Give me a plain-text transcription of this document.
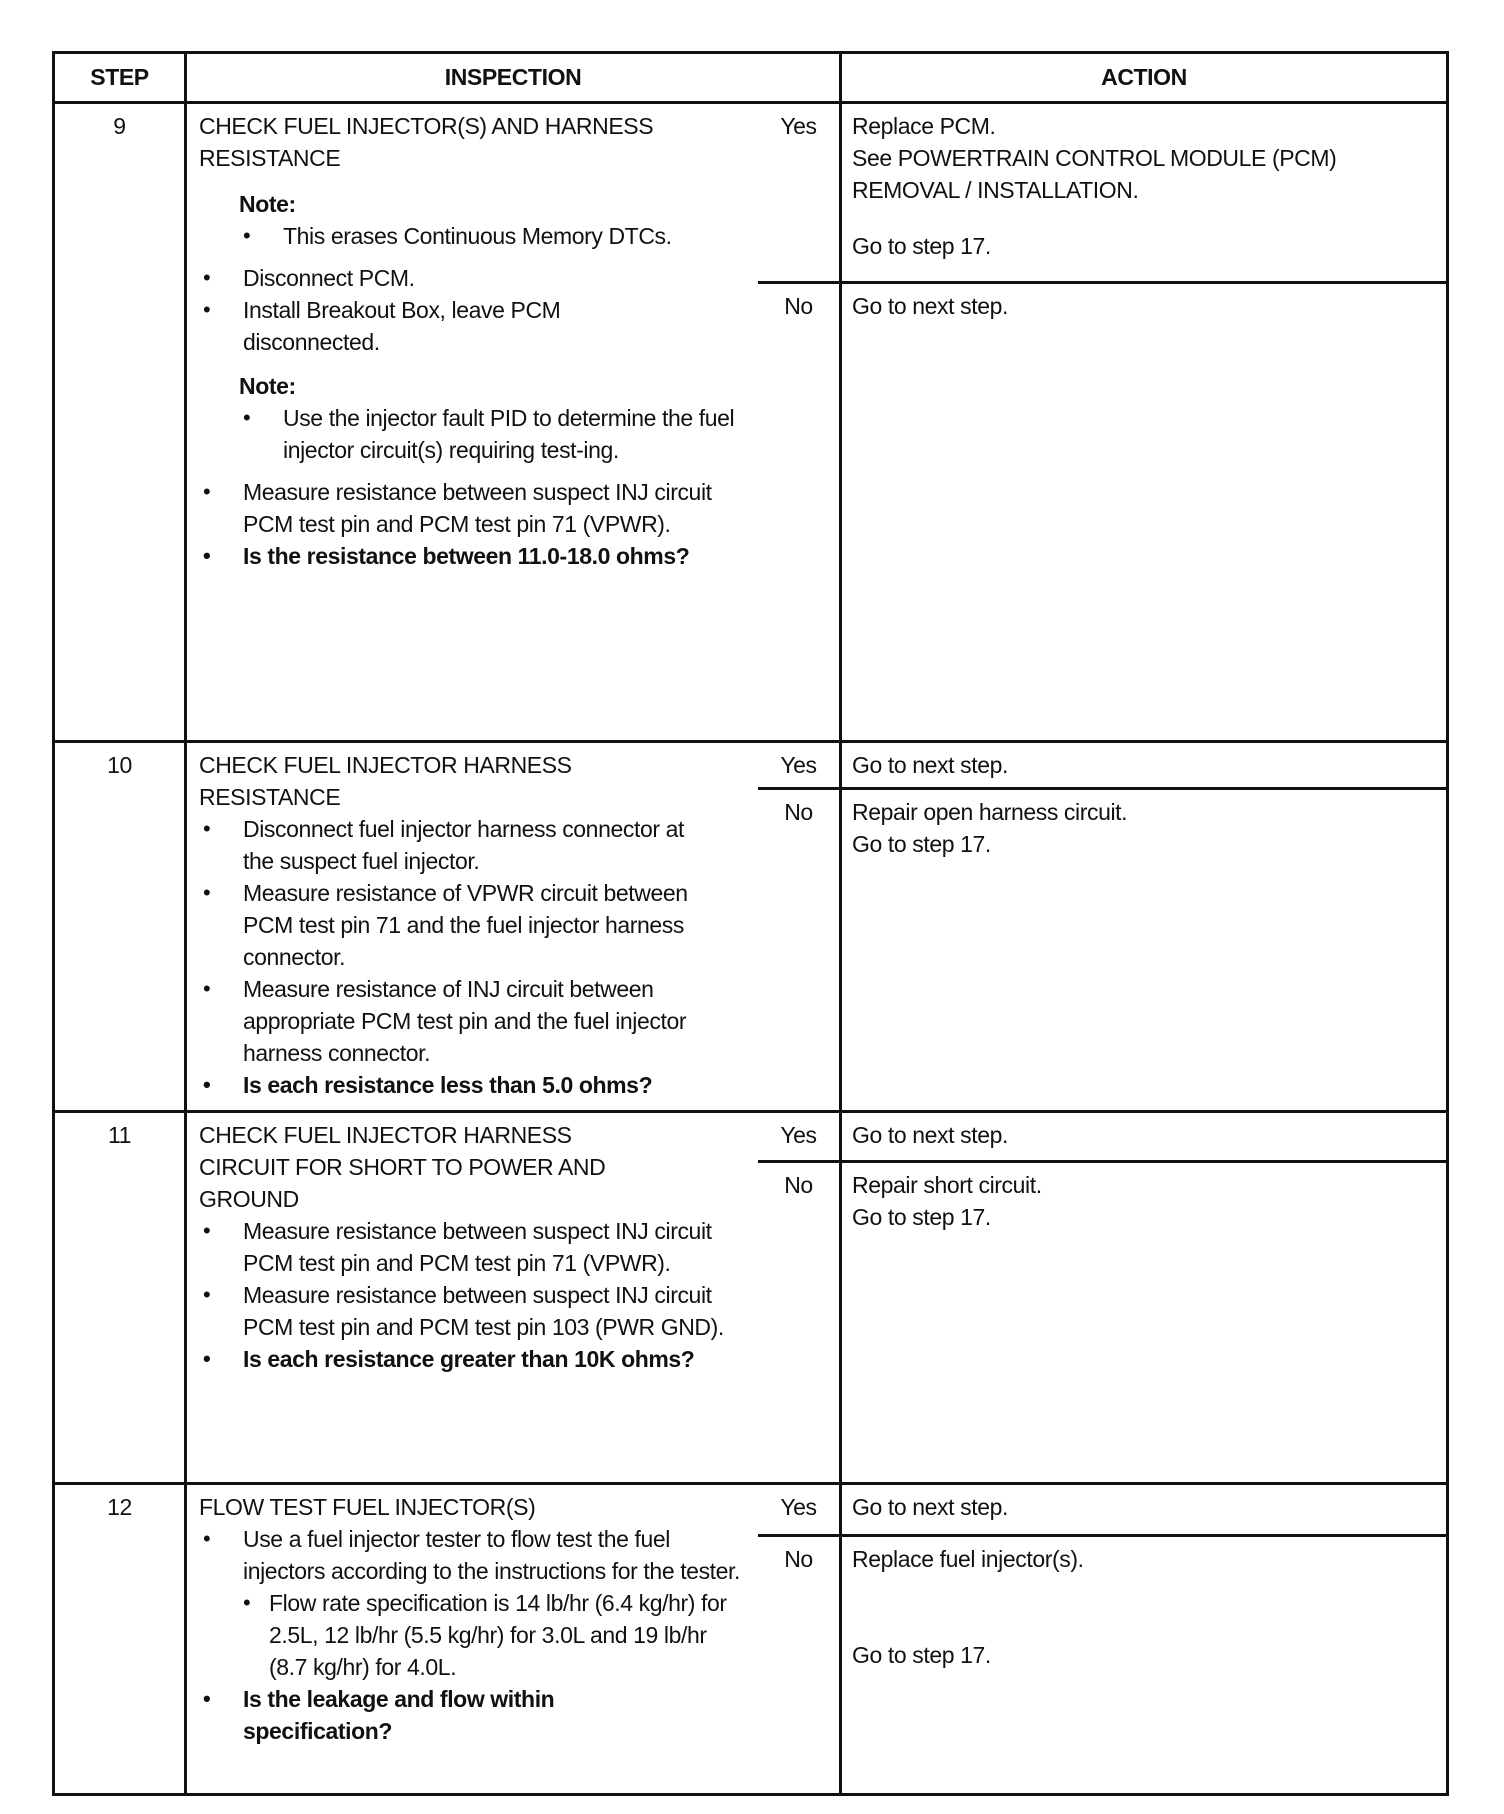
STEP	INSPECTION	ACTION
9	CHECK FUEL INJECTOR(S) AND HARNESS
RESISTANCE
Note:
• This erases Continuous Memory DTCs.
• Disconnect PCM.
• Install Breakout Box, leave PCM disconnected.
Note:
• Use the injector fault PID to determine the fuel injector circuit(s) requiring test-ing.
• Measure resistance between suspect INJ circuit PCM test pin and PCM test pin 71 (VPWR).
• Is the resistance between 11.0-18.0 ohms?
Yes	Replace PCM.
See POWERTRAIN CONTROL MODULE (PCM)
REMOVAL / INSTALLATION.
Go to step 17.
No	Go to next step.
10	CHECK FUEL INJECTOR HARNESS
RESISTANCE
• Disconnect fuel injector harness connector at the suspect fuel injector.
• Measure resistance of VPWR circuit between PCM test pin 71 and the fuel injector harness connector.
• Measure resistance of INJ circuit between appropriate PCM test pin and the fuel injector harness connector.
• Is each resistance less than 5.0 ohms?
Yes	Go to next step.
No	Repair open harness circuit.
Go to step 17.
11	CHECK FUEL INJECTOR HARNESS
CIRCUIT FOR SHORT TO POWER AND
GROUND
• Measure resistance between suspect INJ circuit PCM test pin and PCM test pin 71 (VPWR).
• Measure resistance between suspect INJ circuit PCM test pin and PCM test pin 103 (PWR GND).
• Is each resistance greater than 10K ohms?
Yes	Go to next step.
No	Repair short circuit.
Go to step 17.
12	FLOW TEST FUEL INJECTOR(S)
• Use a fuel injector tester to flow test the fuel injectors according to the instructions for the tester.
• Flow rate specification is 14 lb/hr (6.4 kg/hr) for 2.5L, 12 lb/hr (5.5 kg/hr) for 3.0L and 19 lb/hr (8.7 kg/hr) for 4.0L.
• Is the leakage and flow within specification?
Yes	Go to next step.
No	Replace fuel injector(s).
Go to step 17.
